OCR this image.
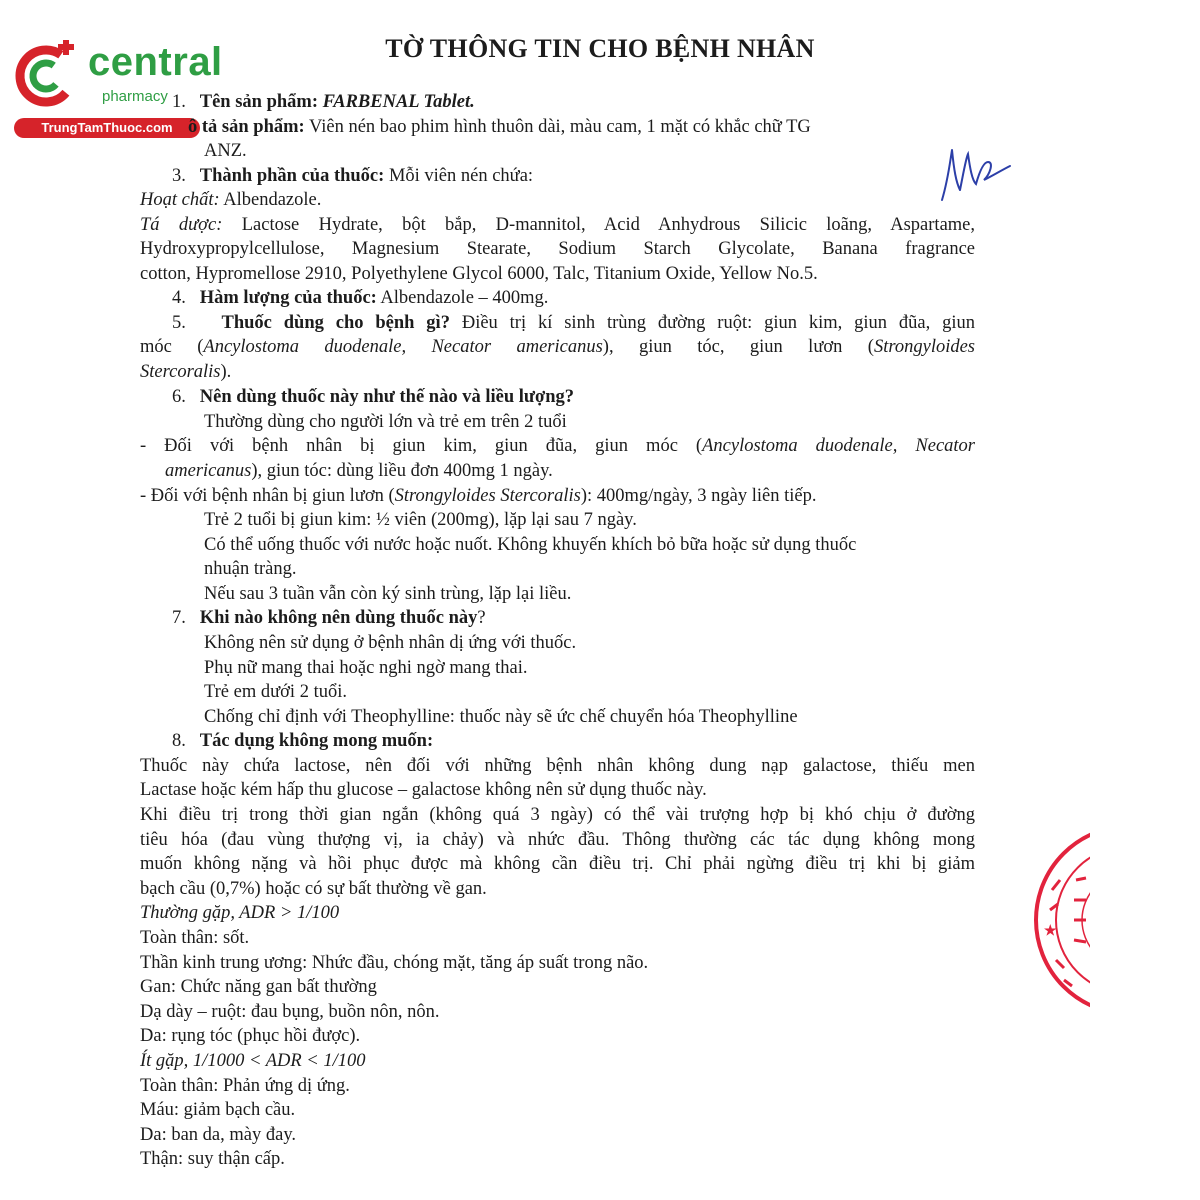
central
pharmacy
TrungTamThuoc.com
TỜ THÔNG TIN CHO BỆNH NHÂN
1. Tên sản phẩm: FARBENAL Tablet.
ô tả sản phẩm: Viên nén bao phim hình thuôn dài, màu cam, 1 mặt có khắc chữ TG
ANZ.
3. Thành phần của thuốc: Mỗi viên nén chứa:
Hoạt chất: Albendazole.
Tá dược: Lactose Hydrate, bột bắp, D-mannitol, Acid Anhydrous Silicic loãng, Aspartame,
Hydroxypropylcellulose, Magnesium Stearate, Sodium Starch Glycolate, Banana fragrance
cotton, Hypromellose 2910, Polyethylene Glycol 6000, Talc, Titanium Oxide, Yellow No.5.
4. Hàm lượng của thuốc: Albendazole – 400mg.
5. Thuốc dùng cho bệnh gì? Điều trị kí sinh trùng đường ruột: giun kim, giun đũa, giun
móc (Ancylostoma duodenale, Necator americanus), giun tóc, giun lươn (Strongyloides
Stercoralis).
6. Nên dùng thuốc này như thế nào và liều lượng?
Thường dùng cho người lớn và trẻ em trên 2 tuổi
- Đối với bệnh nhân bị giun kim, giun đũa, giun móc (Ancylostoma duodenale, Necator
americanus), giun tóc: dùng liều đơn 400mg 1 ngày.
- Đối với bệnh nhân bị giun lươn (Strongyloides Stercoralis): 400mg/ngày, 3 ngày liên tiếp.
Trẻ 2 tuổi bị giun kim: ½ viên (200mg), lặp lại sau 7 ngày.
Có thể uống thuốc với nước hoặc nuốt. Không khuyến khích bỏ bữa hoặc sử dụng thuốc
nhuận tràng.
Nếu sau 3 tuần vẫn còn ký sinh trùng, lặp lại liều.
7. Khi nào không nên dùng thuốc này?
Không nên sử dụng ở bệnh nhân dị ứng với thuốc.
Phụ nữ mang thai hoặc nghi ngờ mang thai.
Trẻ em dưới 2 tuổi.
Chống chỉ định với Theophylline: thuốc này sẽ ức chế chuyển hóa Theophylline
8. Tác dụng không mong muốn:
Thuốc này chứa lactose, nên đối với những bệnh nhân không dung nạp galactose, thiếu men
Lactase hoặc kém hấp thu glucose – galactose không nên sử dụng thuốc này.
Khi điều trị trong thời gian ngắn (không quá 3 ngày) có thể vài trượng hợp bị khó chịu ở đường
tiêu hóa (đau vùng thượng vị, ia chảy) và nhức đầu. Thông thường các tác dụng không mong
muốn không nặng và hồi phục được mà không cần điều trị. Chỉ phải ngừng điều trị khi bị giảm
bạch cầu (0,7%) hoặc có sự bất thường về gan.
Thường gặp, ADR > 1/100
Toàn thân: sốt.
Thần kinh trung ương: Nhức đầu, chóng mặt, tăng áp suất trong não.
Gan: Chức năng gan bất thường
Dạ dày – ruột: đau bụng, buồn nôn, nôn.
Da: rụng tóc (phục hồi được).
Ít gặp, 1/1000 < ADR < 1/100
Toàn thân: Phản ứng dị ứng.
Máu: giảm bạch cầu.
Da: ban da, mày đay.
Thận: suy thận cấp.
★
